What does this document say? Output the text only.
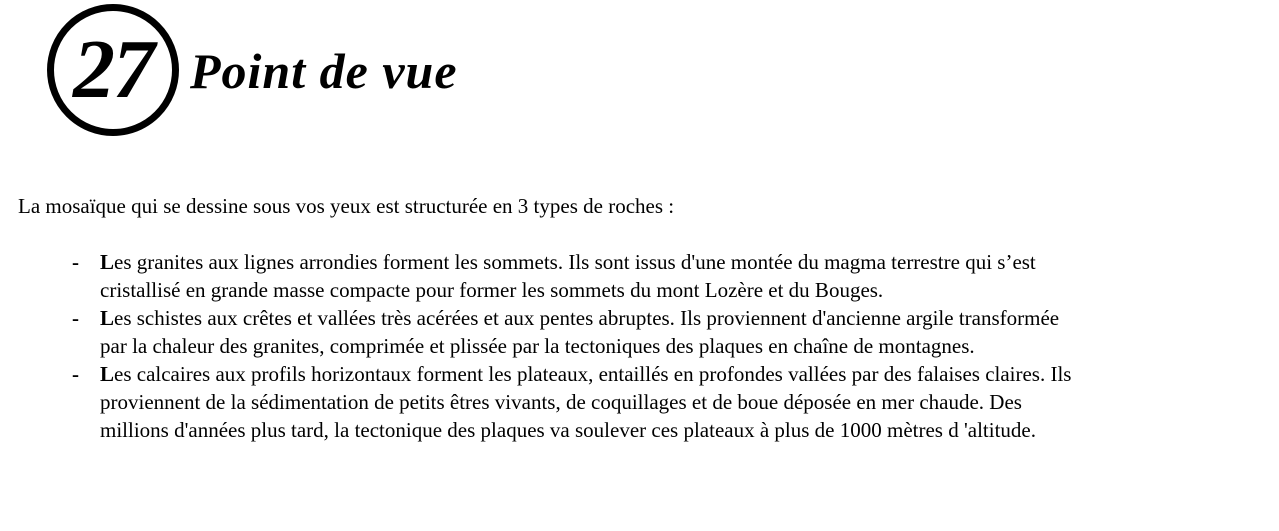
27 Point de vue

La mosaïque qui se dessine sous vos yeux est structurée en 3 types de roches :

- Les granites aux lignes arrondies forment les sommets. Ils sont issus d'une montée du magma terrestre qui s’est cristallisé en grande masse compacte pour former les sommets du mont Lozère et du Bouges.
- Les schistes aux crêtes et vallées très acérées et aux pentes abruptes. Ils proviennent d'ancienne argile transformée par la chaleur des granites, comprimée et plissée par la tectoniques des plaques en chaîne de montagnes.
- Les calcaires aux profils horizontaux forment les plateaux, entaillés en profondes vallées par des falaises claires. Ils proviennent de la sédimentation de petits êtres vivants, de coquillages et de boue déposée en mer chaude. Des millions d'années plus tard, la tectonique des plaques va soulever ces plateaux à plus de 1000 mètres d 'altitude.
